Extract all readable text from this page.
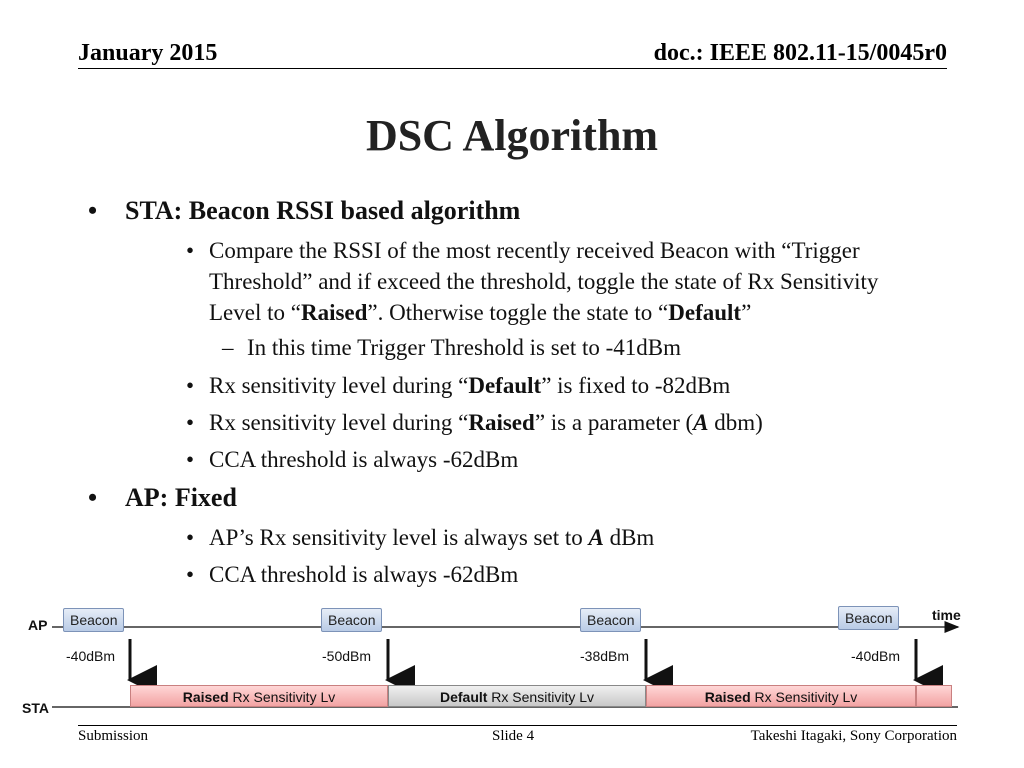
January 2015	doc.: IEEE 802.11-15/0045r0
DSC Algorithm
• STA: Beacon RSSI based algorithm
• Compare the RSSI of the most recently received Beacon with “Trigger
Threshold” and if exceed the threshold, toggle the state of Rx Sensitivity
Level to “Raised”. Otherwise toggle the state to “Default”
– In this time Trigger Threshold is set to -41dBm
• Rx sensitivity level during “Default” is fixed to -82dBm
• Rx sensitivity level during “Raised” is a parameter (A dbm)
• CCA threshold is always -62dBm
• AP: Fixed
• AP’s Rx sensitivity level is always set to A dBm
• CCA threshold is always -62dBm
AP
STA
time
Beacon	Beacon	Beacon	Beacon
-40dBm	-50dBm	-38dBm	-40dBm
Raised Rx Sensitivity Lv	Default Rx Sensitivity Lv	Raised Rx Sensitivity Lv
Submission	Slide 4	Takeshi Itagaki, Sony Corporation
